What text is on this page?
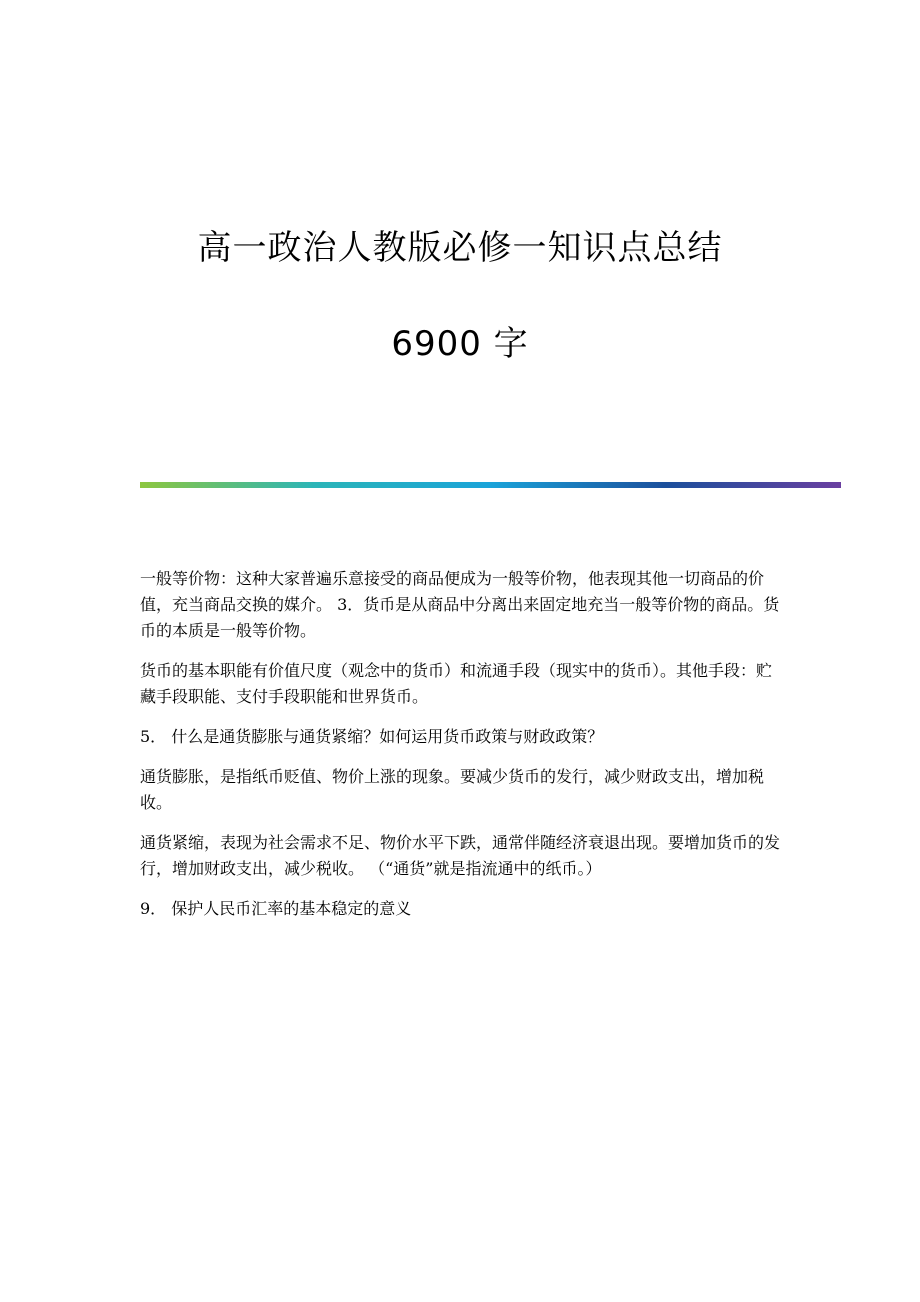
高一政治人教版必修一知识点总结
6900 字

一般等价物：这种大家普遍乐意接受的商品便成为一般等价物，他表现其他一切商品的价值，充当商品交换的媒介。 3．货币是从商品中分离出来固定地充当一般等价物的商品。货币的本质是一般等价物。

货币的基本职能有价值尺度（观念中的货币）和流通手段（现实中的货币）。其他手段：贮藏手段职能、支付手段职能和世界货币。

5． 什么是通货膨胀与通货紧缩？如何运用货币政策与财政政策？

通货膨胀，是指纸币贬值、物价上涨的现象。要减少货币的发行，减少财政支出，增加税收。

通货紧缩，表现为社会需求不足、物价水平下跌，通常伴随经济衰退出现。要增加货币的发行，增加财政支出，减少税收。 （“通货”就是指流通中的纸币。）

9． 保护人民币汇率的基本稳定的意义
